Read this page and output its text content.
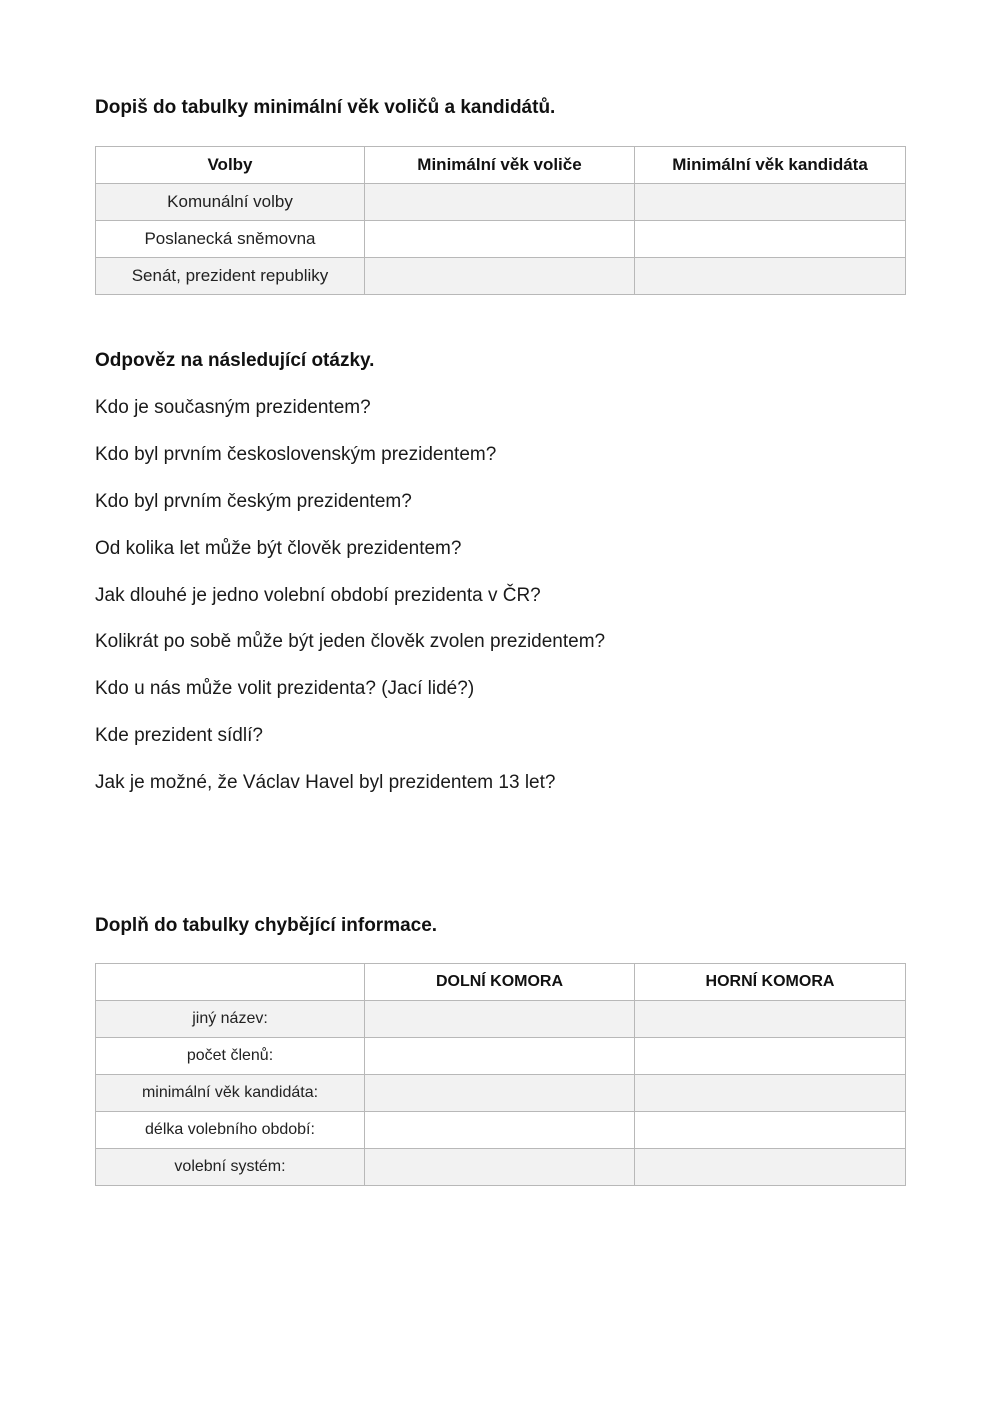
Dopiš do tabulky minimální věk voličů a kandidátů.
Volby	Minimální věk voliče	Minimální věk kandidáta
Komunální volby		
Poslanecká sněmovna		
Senát, prezident republiky		
Odpověz na následující otázky.

Kdo je současným prezidentem?

Kdo byl prvním československým prezidentem?

Kdo byl prvním českým prezidentem?

Od kolika let může být člověk prezidentem?

Jak dlouhé je jedno volební období prezidenta v ČR?

Kolikrát po sobě může být jeden člověk zvolen prezidentem?

Kdo u nás může volit prezidenta? (Jací lidé?)

Kde prezident sídlí?

Jak je možné, že Václav Havel byl prezidentem 13 let?

Doplň do tabulky chybějící informace.
	DOLNÍ KOMORA	HORNÍ KOMORA
jiný název:		
počet členů:		
minimální věk kandidáta:		
délka volebního období:		
volební systém:		
